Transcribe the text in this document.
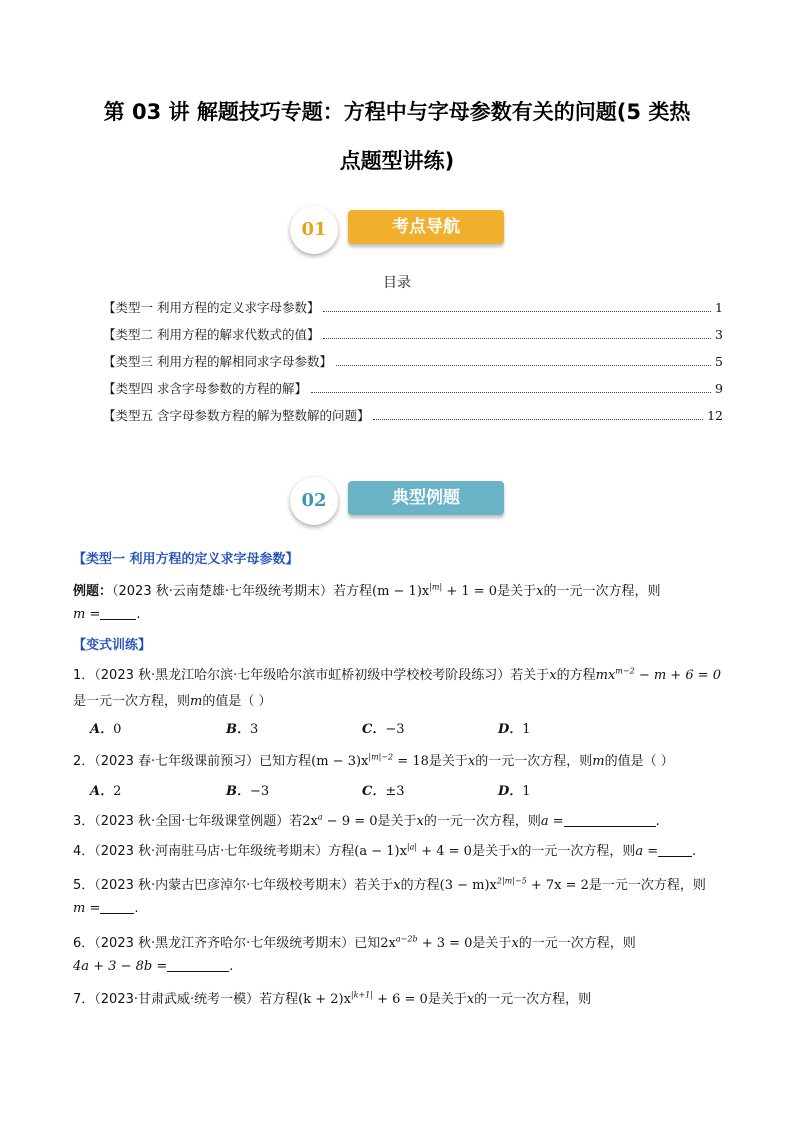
第 03 讲 解题技巧专题：方程中与字母参数有关的问题(5 类热
点题型讲练)
01	考点导航
目录
【类型一 利用方程的定义求字母参数】	1
【类型二 利用方程的解求代数式的值】	3
【类型三 利用方程的解相同求字母参数】	5
【类型四 求含字母参数的方程的解】	9
【类型五 含字母参数方程的解为整数解的问题】	12
02	典型例题
【类型一 利用方程的定义求字母参数】
例题：（2023 秋·云南楚雄·七年级统考期末）若方程$(m - 1)x^{|m|} + 1 = 0$是关于x的一元一次方程，则
m =	.
【变式训练】
1．（2023 秋·黑龙江哈尔滨·七年级哈尔滨市虹桥初级中学校校考阶段练习）若关于x的方程$mx^{m-2} - m + 6 = 0$
是一元一次方程，则m的值是（ ）
A．0	B．3	C．−3	D．1
2．（2023 春·七年级课前预习）已知方程$(m - 3)x^{|m|-2} = 18$是关于x的一元一次方程，则m的值是（ ）
A．2	B．−3	C．±3	D．1
3．（2023 秋·全国·七年级课堂例题）若$2x^a - 9 = 0$是关于x的一元一次方程，则a =	.
4．（2023 秋·河南驻马店·七年级统考期末）方程$(a - 1)x^{|a|} + 4 = 0$是关于x的一元一次方程，则a =	.
5．（2023 秋·内蒙古巴彦淖尔·七年级校考期末）若关于x的方程$(3 - m)x^{2|m|-5} + 7x = 2$是一元一次方程，则
m =	.
6．（2023 秋·黑龙江齐齐哈尔·七年级统考期末）已知$2x^{a-2b} + 3 = 0$是关于x的一元一次方程，则
4a + 3 − 8b =	.
7．（2023·甘肃武威·统考一模）若方程$(k + 2)x^{|k+1|} + 6 = 0$是关于x的一元一次方程，则
